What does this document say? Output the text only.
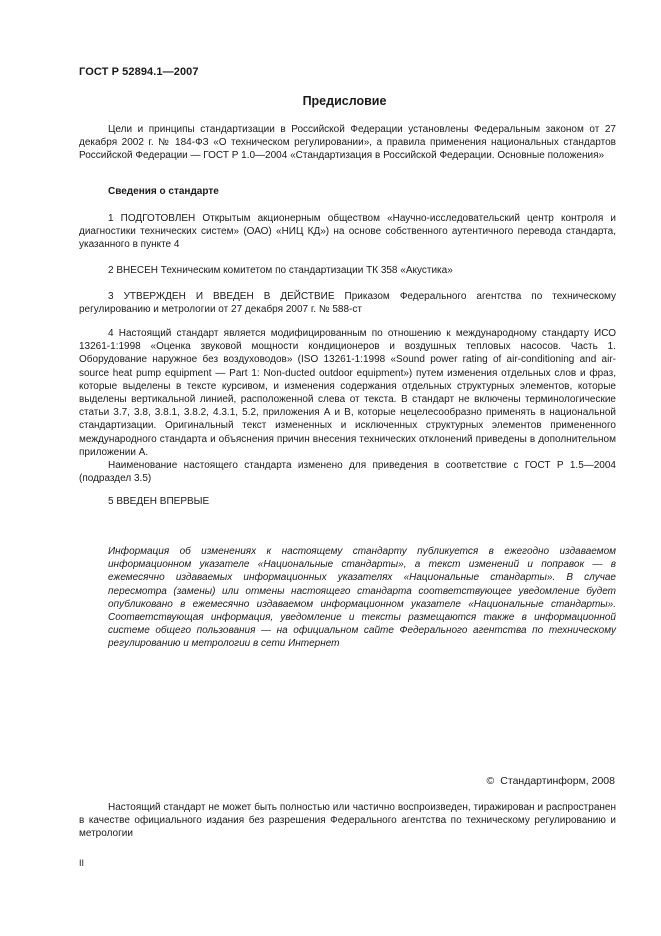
ГОСТ Р 52894.1—2007
Предисловие

Цели и принципы стандартизации в Российской Федерации установлены Федеральным законом от 27 декабря 2002 г. № 184-ФЗ «О техническом регулировании», а правила применения национальных стандартов Российской Федерации — ГОСТ Р 1.0—2004 «Стандартизация в Российской Федерации. Основные положения»

Сведения о стандарте

1 ПОДГОТОВЛЕН Открытым акционерным обществом «Научно-исследовательский центр контроля и диагностики технических систем» (ОАО) «НИЦ КД») на основе собственного аутентичного перевода стандарта, указанного в пункте 4

2 ВНЕСЕН Техническим комитетом по стандартизации ТК 358 «Акустика»

3 УТВЕРЖДЕН И ВВЕДЕН В ДЕЙСТВИЕ Приказом Федерального агентства по техническому регулированию и метрологии от 27 декабря 2007 г. № 588-ст

4 Настоящий стандарт является модифицированным по отношению к международному стандарту ИСО 13261-1:1998 «Оценка звуковой мощности кондиционеров и воздушных тепловых насосов. Часть 1. Оборудование наружное без воздуховодов» (ISO 13261-1:1998 «Sound power rating of air-conditioning and air-source heat pump equipment — Part 1: Non-ducted outdoor equipment») путем изменения отдельных слов и фраз, которые выделены в тексте курсивом, и изменения содержания отдельных структурных элементов, которые выделены вертикальной линией, расположенной слева от текста. В стандарт не включены терминологические статьи 3.7, 3.8, 3.8.1, 3.8.2, 4.3.1, 5.2, приложения А и В, которые нецелесообразно применять в национальной стандартизации. Оригинальный текст измененных и исключенных структурных элементов примененного международного стандарта и объяснения причин внесения технических отклонений приведены в дополнительном приложении А.

Наименование настоящего стандарта изменено для приведения в соответствие с ГОСТ Р 1.5—2004 (подраздел 3.5)

5 ВВЕДЕН ВПЕРВЫЕ

Информация об изменениях к настоящему стандарту публикуется в ежегодно издаваемом информационном указателе «Национальные стандарты», а текст изменений и поправок — в ежемесячно издаваемых информационных указателях «Национальные стандарты». В случае пересмотра (замены) или отмены настоящего стандарта соответствующее уведомление будет опубликовано в ежемесячно издаваемом информационном указателе «Национальные стандарты». Соответствующая информация, уведомление и тексты размещаются также в информационной системе общего пользования — на официальном сайте Федерального агентства по техническому регулированию и метрологии в сети Интернет

© Стандартинформ, 2008

Настоящий стандарт не может быть полностью или частично воспроизведен, тиражирован и распространен в качестве официального издания без разрешения Федерального агентства по техническому регулированию и метрологии

II
